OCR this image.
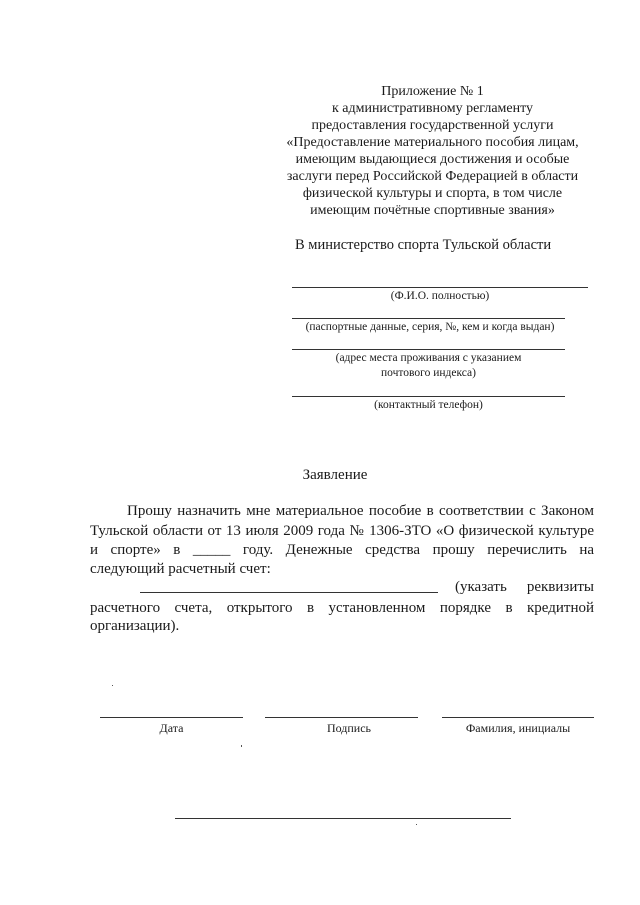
Приложение № 1
к административному регламенту
предоставления государственной услуги
«Предоставление материального пособия лицам,
имеющим выдающиеся достижения и особые
заслуги перед Российской Федерацией в области
физической культуры и спорта, в том числе
имеющим почётные спортивные звания»
В министерство спорта Тульской области
(Ф.И.О. полностью)
(паспортные данные, серия, №, кем и когда выдан)
(адрес места проживания с указанием
почтового индекса)
(контактный телефон)
Заявление
Прошу назначить мне материальное пособие в соответствии с Законом
Тульской области от 13 июля 2009 года № 1306-ЗТО «О физической культуре
и спорте» в _____ году. Денежные средства прошу перечислить на
следующий расчетный счет:
(указать реквизиты
расчетного счета, открытого в установленном порядке в кредитной
организации).
Дата	Подпись	Фамилия, инициалы
